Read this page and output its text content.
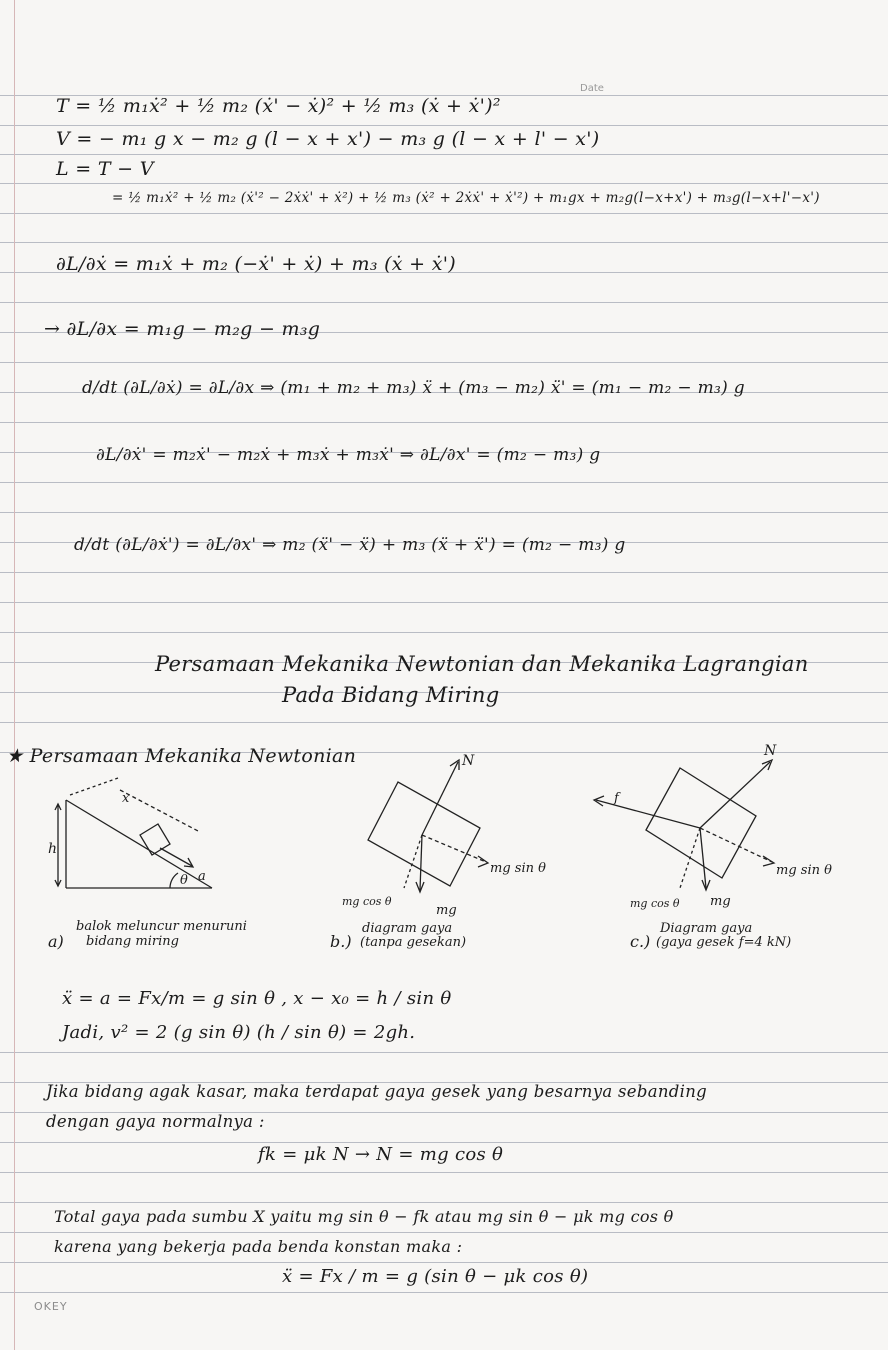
Date
T = ½ m₁ẋ² + ½ m₂ (ẋ' − ẋ)² + ½ m₃ (ẋ + ẋ')²
V = − m₁ g x − m₂ g (l − x + x') − m₃ g (l − x + l' − x')
L = T − V
= ½ m₁ẋ² + ½ m₂ (ẋ'² − 2ẋẋ' + ẋ²) + ½ m₃ (ẋ² + 2ẋẋ' + ẋ'²) + m₁gx + m₂g(l−x+x') + m₃g(l−x+l'−x')
∂L/∂ẋ = m₁ẋ + m₂ (−ẋ' + ẋ) + m₃ (ẋ + ẋ')
→ ∂L/∂x = m₁g − m₂g − m₃g
d/dt (∂L/∂ẋ) = ∂L/∂x ⇒ (m₁ + m₂ + m₃) ẍ + (m₃ − m₂) ẍ' = (m₁ − m₂ − m₃) g
∂L/∂ẋ' = m₂ẋ' − m₂ẋ + m₃ẋ + m₃ẋ' ⇒ ∂L/∂x' = (m₂ − m₃) g
d/dt (∂L/∂ẋ') = ∂L/∂x' ⇒ m₂ (ẍ' − ẍ) + m₃ (ẍ + ẍ') = (m₂ − m₃) g
Persamaan Mekanika Newtonian dan Mekanika Lagrangian
Pada Bidang Miring
★ Persamaan Mekanika Newtonian
h
x
θ a
a)
balok meluncur menuruni
bidang miring
N
mg sin θ
mg cos θ
mg
b.)
diagram gaya
(tanpa gesekan)
N
f
mg sin θ
mg cos θ mg
c.)
Diagram gaya
(gaya gesek f=4 kN)
ẍ = a = Fx/m = g sin θ , x − x₀ = h / sin θ
Jadi, v² = 2 (g sin θ) (h / sin θ) = 2gh.
Jika bidang agak kasar, maka terdapat gaya gesek yang besarnya sebanding
dengan gaya normalnya :
fk = μk N → N = mg cos θ
Total gaya pada sumbu X yaitu mg sin θ − fk atau mg sin θ − μk mg cos θ
karena yang bekerja pada benda konstan maka :
ẍ = Fx / m = g (sin θ − μk cos θ)
OKEY
